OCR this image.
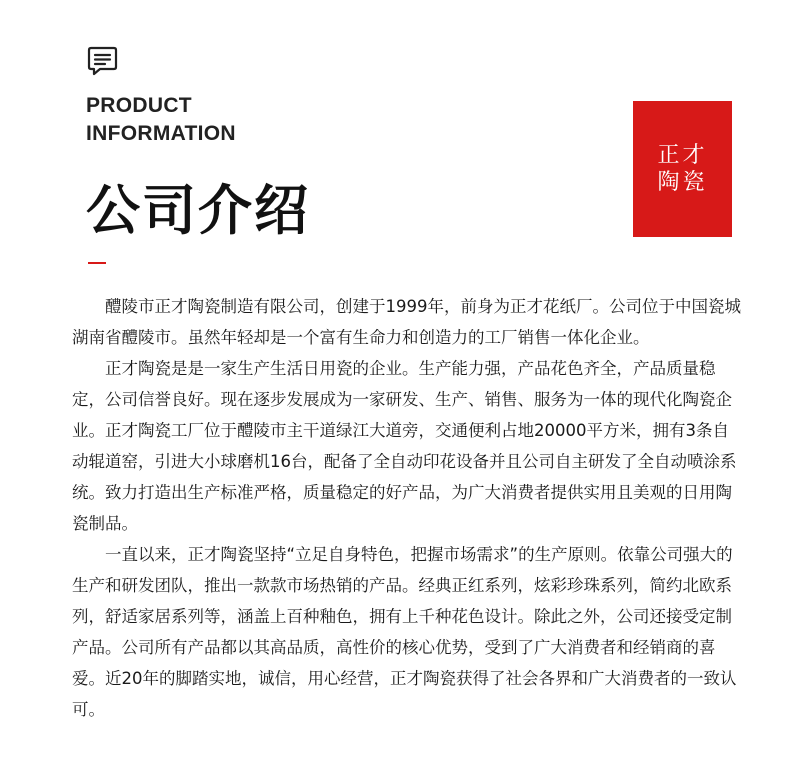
PRODUCT
INFORMATION
公司介绍
正才
陶瓷

醴陵市正才陶瓷制造有限公司，创建于1999年，前身为正才花纸厂。公司位于中国瓷城湖南省醴陵市。虽然年轻却是一个富有生命力和创造力的工厂销售一体化企业。

正才陶瓷是是一家生产生活日用瓷的企业。生产能力强，产品花色齐全，产品质量稳定，公司信誉良好。现在逐步发展成为一家研发、生产、销售、服务为一体的现代化陶瓷企业。正才陶瓷工厂位于醴陵市主干道绿江大道旁，交通便利占地20000平方米，拥有3条自动辊道窑，引进大小球磨机16台，配备了全自动印花设备并且公司自主研发了全自动喷涂系统。致力打造出生产标准严格，质量稳定的好产品，为广大消费者提供实用且美观的日用陶瓷制品。

一直以来，正才陶瓷坚持“立足自身特色，把握市场需求”的生产原则。依靠公司强大的生产和研发团队，推出一款款市场热销的产品。经典正红系列，炫彩珍珠系列，简约北欧系列，舒适家居系列等，涵盖上百种釉色，拥有上千种花色设计。除此之外，公司还接受定制产品。公司所有产品都以其高品质，高性价的核心优势，受到了广大消费者和经销商的喜爱。近20年的脚踏实地，诚信，用心经营，正才陶瓷获得了社会各界和广大消费者的一致认可。
